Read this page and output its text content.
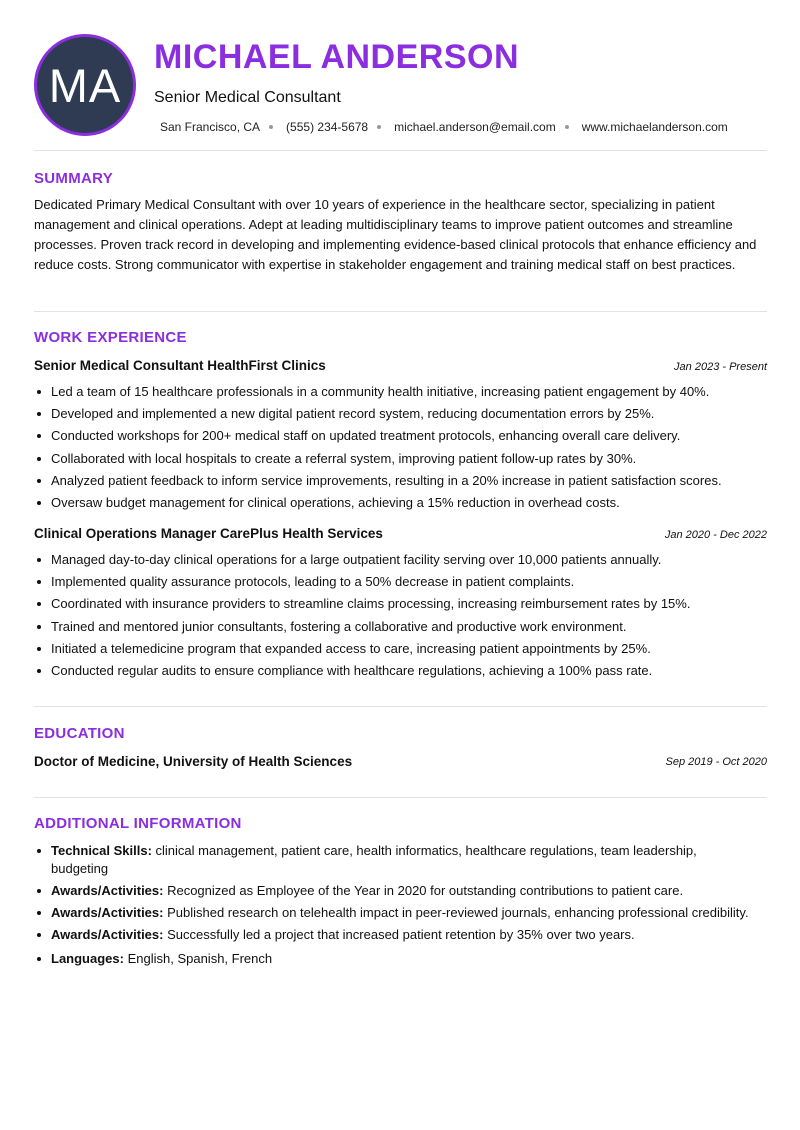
MA
MICHAEL ANDERSON
Senior Medical Consultant
San Francisco, CA (555) 234-5678 michael.anderson@email.com www.michaelanderson.com
SUMMARY
Dedicated Primary Medical Consultant with over 10 years of experience in the healthcare sector, specializing in patient management and clinical operations. Adept at leading multidisciplinary teams to improve patient outcomes and streamline processes. Proven track record in developing and implementing evidence-based clinical protocols that enhance efficiency and reduce costs. Strong communicator with expertise in stakeholder engagement and training medical staff on best practices.
WORK EXPERIENCE
Senior Medical Consultant HealthFirst Clinics	Jan 2023 - Present
Led a team of 15 healthcare professionals in a community health initiative, increasing patient engagement by 40%.
Developed and implemented a new digital patient record system, reducing documentation errors by 25%.
Conducted workshops for 200+ medical staff on updated treatment protocols, enhancing overall care delivery.
Collaborated with local hospitals to create a referral system, improving patient follow-up rates by 30%.
Analyzed patient feedback to inform service improvements, resulting in a 20% increase in patient satisfaction scores.
Oversaw budget management for clinical operations, achieving a 15% reduction in overhead costs.
Clinical Operations Manager CarePlus Health Services	Jan 2020 - Dec 2022
Managed day-to-day clinical operations for a large outpatient facility serving over 10,000 patients annually.
Implemented quality assurance protocols, leading to a 50% decrease in patient complaints.
Coordinated with insurance providers to streamline claims processing, increasing reimbursement rates by 15%.
Trained and mentored junior consultants, fostering a collaborative and productive work environment.
Initiated a telemedicine program that expanded access to care, increasing patient appointments by 25%.
Conducted regular audits to ensure compliance with healthcare regulations, achieving a 100% pass rate.
EDUCATION
Doctor of Medicine, University of Health Sciences	Sep 2019 - Oct 2020
ADDITIONAL INFORMATION
Technical Skills: clinical management, patient care, health informatics, healthcare regulations, team leadership, budgeting
Awards/Activities: Recognized as Employee of the Year in 2020 for outstanding contributions to patient care.
Awards/Activities: Published research on telehealth impact in peer-reviewed journals, enhancing professional credibility.
Awards/Activities: Successfully led a project that increased patient retention by 35% over two years.
Languages: English, Spanish, French
